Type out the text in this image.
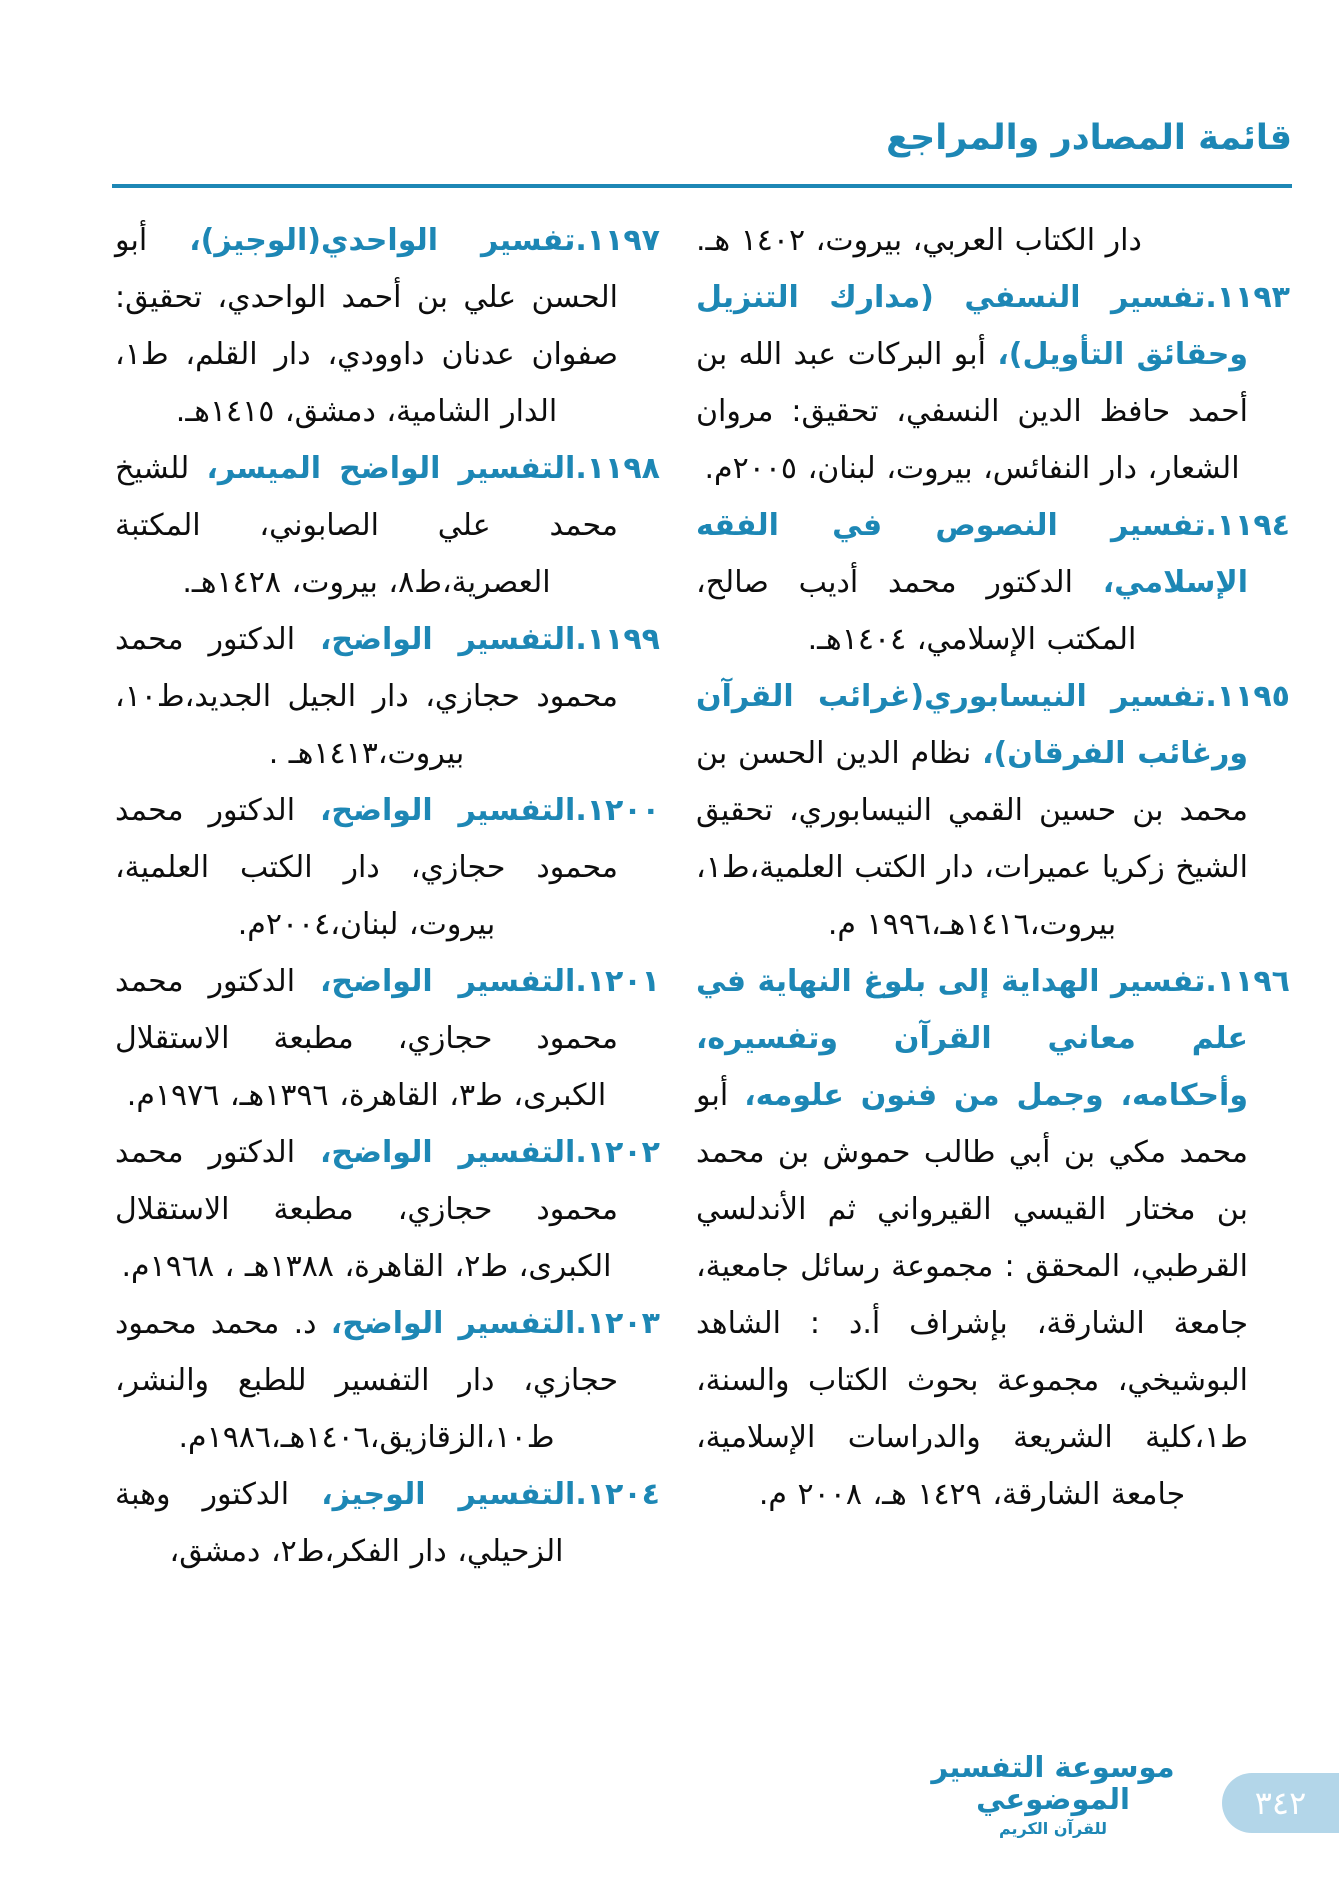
قائمة المصادر والمراجع

دار الكتاب العربي، بيروت، ١٤٠٢ هـ.

١١٩٣.تفسير النسفي (مدارك التنزيل وحقائق التأويل)، أبو البركات عبد الله بن أحمد حافظ الدين النسفي، تحقيق: مروان الشعار، دار النفائس، بيروت، لبنان، ٢٠٠٥م.

١١٩٤.تفسير النصوص في الفقه الإسلامي، الدكتور محمد أديب صالح، المكتب الإسلامي، ١٤٠٤هـ.

١١٩٥.تفسير النيسابوري(غرائب القرآن ورغائب الفرقان)، نظام الدين الحسن بن محمد بن حسين القمي النيسابوري، تحقيق الشيخ زكريا عميرات، دار الكتب العلمية،ط١، بيروت،١٤١٦هـ،١٩٩٦ م.

١١٩٦.تفسير الهداية إلى بلوغ النهاية في علم معاني القرآن وتفسيره، وأحكامه، وجمل من فنون علومه، أبو محمد مكي بن أبي طالب حموش بن محمد بن مختار القيسي القيرواني ثم الأندلسي القرطبي، المحقق : مجموعة رسائل جامعية، جامعة الشارقة، بإشراف أ.د : الشاهد البوشيخي، مجموعة بحوث الكتاب والسنة، ط١،كلية الشريعة والدراسات الإسلامية، جامعة الشارقة، ١٤٢٩ هـ، ٢٠٠٨ م.

١١٩٧.تفسير الواحدي(الوجيز)، أبو الحسن علي بن أحمد الواحدي، تحقيق: صفوان عدنان داوودي، دار القلم، ط١، الدار الشامية، دمشق، ١٤١٥هـ.

١١٩٨.التفسير الواضح الميسر، للشيخ محمد علي الصابوني، المكتبة العصرية،ط٨، بيروت، ١٤٢٨هـ.

١١٩٩.التفسير الواضح، الدكتور محمد محمود حجازي، دار الجيل الجديد،ط١٠، بيروت،١٤١٣هـ .

١٢٠٠.التفسير الواضح، الدكتور محمد محمود حجازي، دار الكتب العلمية، بيروت، لبنان،٢٠٠٤م.

١٢٠١.التفسير الواضح، الدكتور محمد محمود حجازي، مطبعة الاستقلال الكبرى، ط٣، القاهرة، ١٣٩٦هـ، ١٩٧٦م.

١٢٠٢.التفسير الواضح، الدكتور محمد محمود حجازي، مطبعة الاستقلال الكبرى، ط٢، القاهرة، ١٣٨٨هـ ، ١٩٦٨م.

١٢٠٣.التفسير الواضح، د. محمد محمود حجازي، دار التفسير للطبع والنشر، ط١٠،الزقازيق،١٤٠٦هـ،١٩٨٦م.

١٢٠٤.التفسير الوجيز، الدكتور وهبة الزحيلي، دار الفكر،ط٢، دمشق،

موسوعة التفسير الموضوعي
للقرآن الكريم
٣٤٢
